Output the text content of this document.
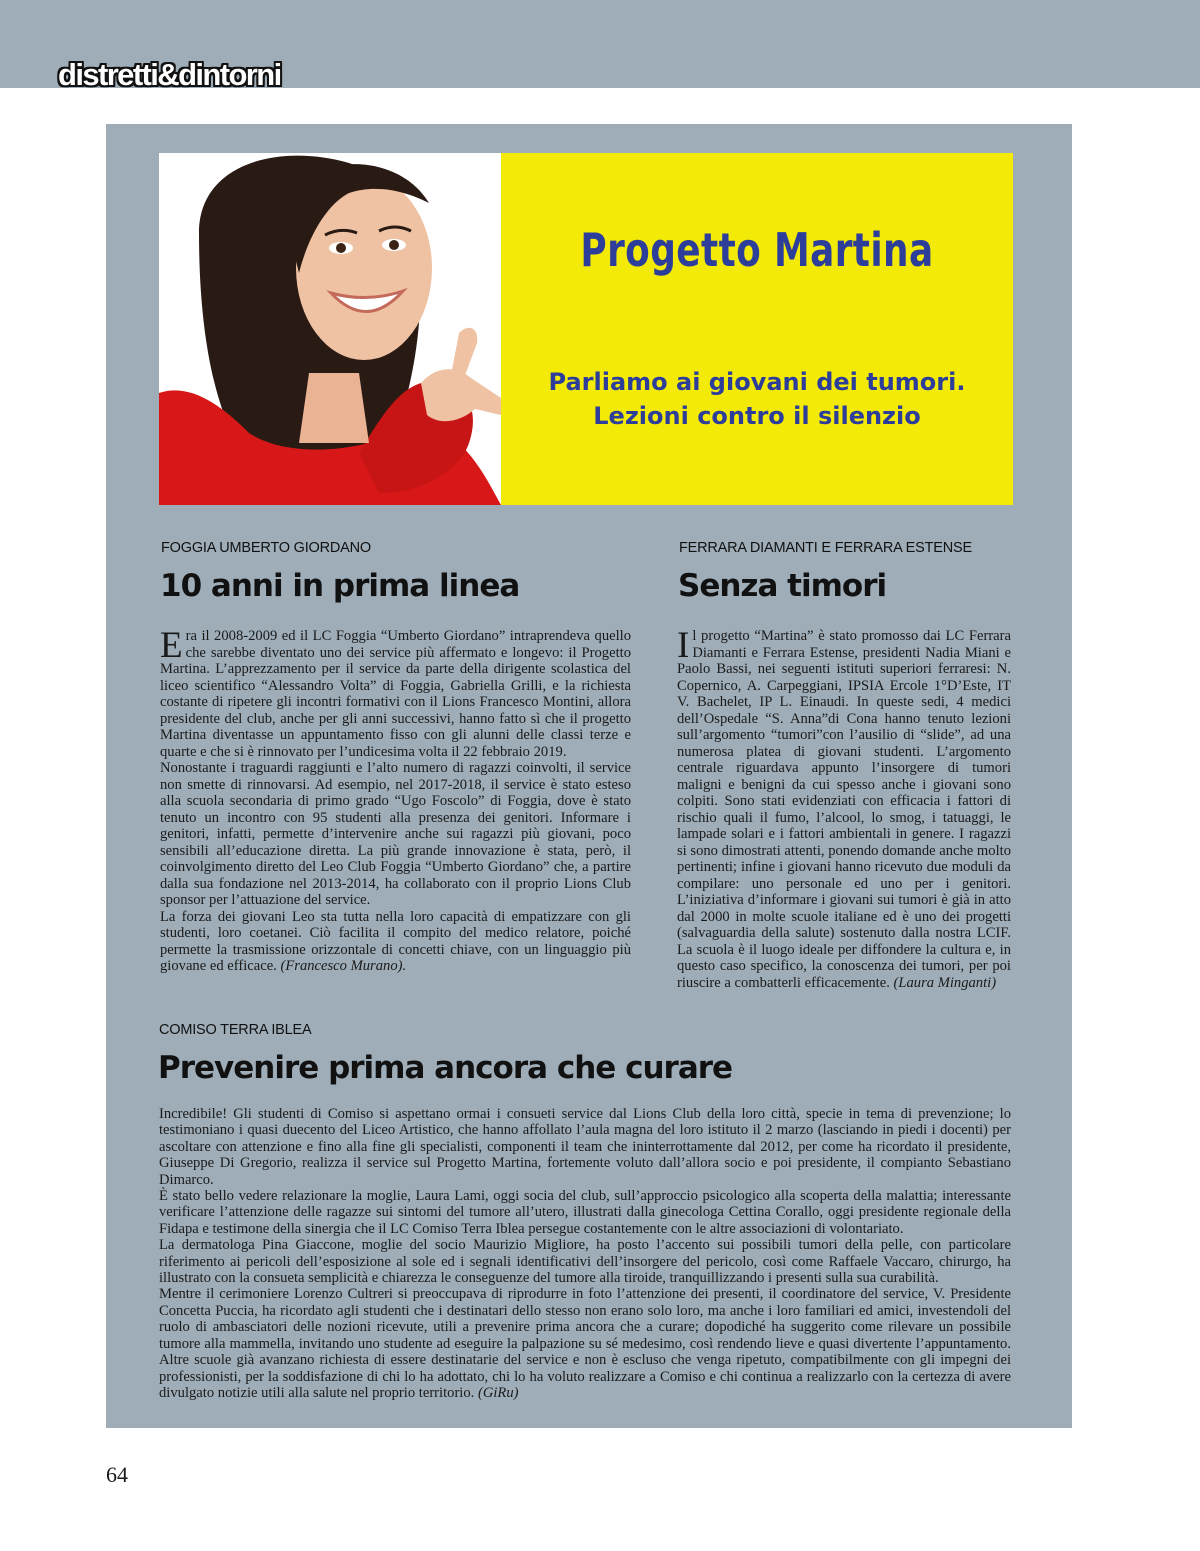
distretti&dintorni
Progetto Martina
Parliamo ai giovani dei tumori.
Lezioni contro il silenzio
FOGGIA UMBERTO GIORDANO
10 anni in prima linea

Era il 2008-2009 ed il LC Foggia “Umberto Giordano” intraprendeva quello che sarebbe diventato uno dei service più affermato e longevo: il Progetto Martina. L’apprezzamento per il service da parte della dirigente scolastica del liceo scientifico “Alessandro Volta” di Foggia, Gabriella Grilli, e la richiesta costante di ripetere gli incontri formativi con il Lions Francesco Montini, allora presidente del club, anche per gli anni successivi, hanno fatto sì che il progetto Martina diventasse un appuntamento fisso con gli alunni delle classi terze e quarte e che si è rinnovato per l’undicesima volta il 22 febbraio 2019.

Nonostante i traguardi raggiunti e l’alto numero di ragazzi coinvolti, il service non smette di rinnovarsi. Ad esempio, nel 2017-2018, il service è stato esteso alla scuola secondaria di primo grado “Ugo Foscolo” di Foggia, dove è stato tenuto un incontro con 95 studenti alla presenza dei genitori. Informare i genitori, infatti, permette d’intervenire anche sui ragazzi più giovani, poco sensibili all’educazione diretta. La più grande innovazione è stata, però, il coinvolgimento diretto del Leo Club Foggia “Umberto Giordano” che, a partire dalla sua fondazione nel 2013-2014, ha collaborato con il proprio Lions Club sponsor per l’attuazione del service.

La forza dei giovani Leo sta tutta nella loro capacità di empatizzare con gli studenti, loro coetanei. Ciò facilita il compito del medico relatore, poiché permette la trasmissione orizzontale di concetti chiave, con un linguaggio più giovane ed efficace. (Francesco Murano).

FERRARA DIAMANTI E FERRARA ESTENSE
Senza timori

Il progetto “Martina” è stato promosso dai LC Ferrara Diamanti e Ferrara Estense, presidenti Nadia Miani e Paolo Bassi, nei seguenti istituti superiori ferraresi: N. Copernico, A. Carpeggiani, IPSIA Ercole 1°D’Este, IT V. Bachelet, IP L. Einaudi. In queste sedi, 4 medici dell’Ospedale “S. Anna”di Cona hanno tenuto lezioni sull’argomento “tumori”con l’ausilio di “slide”, ad una numerosa platea di giovani studenti. L’argomento centrale riguardava appunto l’insorgere di tumori maligni e benigni da cui spesso anche i giovani sono colpiti. Sono stati evidenziati con efficacia i fattori di rischio quali il fumo, l’alcool, lo smog, i tatuaggi, le lampade solari e i fattori ambientali in genere. I ragazzi si sono dimostrati attenti, ponendo domande anche molto pertinenti; infine i giovani hanno ricevuto due moduli da compilare: uno personale ed uno per i genitori. L’iniziativa d’informare i giovani sui tumori è già in atto dal 2000 in molte scuole italiane ed è uno dei progetti (salvaguardia della salute) sostenuto dalla nostra LCIF. La scuola è il luogo ideale per diffondere la cultura e, in questo caso specifico, la conoscenza dei tumori, per poi riuscire a combatterli efficacemente. (Laura Minganti)

COMISO TERRA IBLEA
Prevenire prima ancora che curare

Incredibile! Gli studenti di Comiso si aspettano ormai i consueti service dal Lions Club della loro città, specie in tema di prevenzione; lo testimoniano i quasi duecento del Liceo Artistico, che hanno affollato l’aula magna del loro istituto il 2 marzo (lasciando in piedi i docenti) per ascoltare con attenzione e fino alla fine gli specialisti, componenti il team che ininterrottamente dal 2012, per come ha ricordato il presidente, Giuseppe Di Gregorio, realizza il service sul Progetto Martina, fortemente voluto dall’allora socio e poi presidente, il compianto Sebastiano Dimarco.

È stato bello vedere relazionare la moglie, Laura Lami, oggi socia del club, sull’approccio psicologico alla scoperta della malattia; interessante verificare l’attenzione delle ragazze sui sintomi del tumore all’utero, illustrati dalla ginecologa Cettina Corallo, oggi presidente regionale della Fidapa e testimone della sinergia che il LC Comiso Terra Iblea persegue costantemente con le altre associazioni di volontariato.

La dermatologa Pina Giaccone, moglie del socio Maurizio Migliore, ha posto l’accento sui possibili tumori della pelle, con particolare riferimento ai pericoli dell’esposizione al sole ed i segnali identificativi dell’insorgere del pericolo, così come Raffaele Vaccaro, chirurgo, ha illustrato con la consueta semplicità e chiarezza le conseguenze del tumore alla tiroide, tranquillizzando i presenti sulla sua curabilità.

Mentre il cerimoniere Lorenzo Cultreri si preoccupava di riprodurre in foto l’attenzione dei presenti, il coordinatore del service, V. Presidente Concetta Puccia, ha ricordato agli studenti che i destinatari dello stesso non erano solo loro, ma anche i loro familiari ed amici, investendoli del ruolo di ambasciatori delle nozioni ricevute, utili a prevenire prima ancora che a curare; dopodiché ha suggerito come rilevare un possibile tumore alla mammella, invitando uno studente ad eseguire la palpazione su sé medesimo, così rendendo lieve e quasi divertente l’appuntamento. Altre scuole già avanzano richiesta di essere destinatarie del service e non è escluso che venga ripetuto, compatibilmente con gli impegni dei professionisti, per la soddisfazione di chi lo ha adottato, chi lo ha voluto realizzare a Comiso e chi continua a realizzarlo con la certezza di avere divulgato notizie utili alla salute nel proprio territorio. (GiRu)

64
